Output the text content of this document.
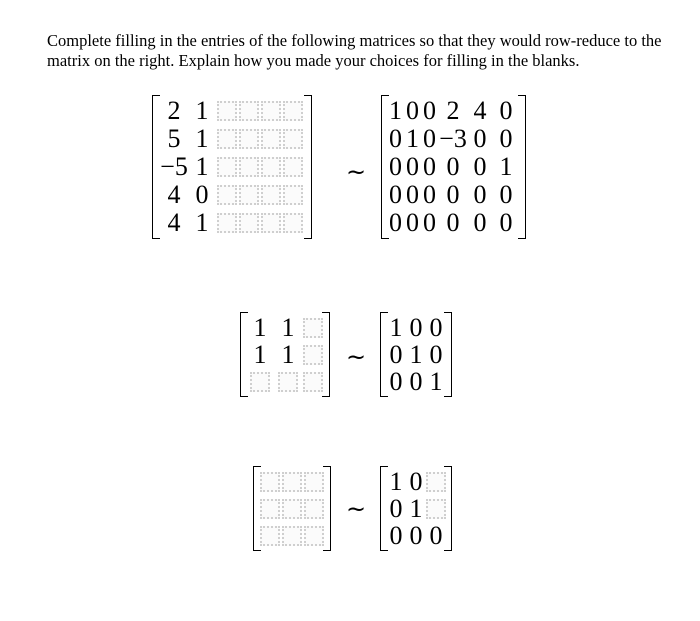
Complete filling in the entries of the following matrices so that they would row-reduce to the matrix on the right. Explain how you made your choices for filling in the blanks.

2 1
5 1
−5 1
4 0
4 1
1 0 0 2 4 0
0 1 0 −3 0 0
0 0 0 0 0 1
0 0 0 0 0 0
0 0 0 0 0 0
~
1 1
1 1
1 0 0
0 1 0
0 0 1
~
1 0
0 1
0 0 0
~
